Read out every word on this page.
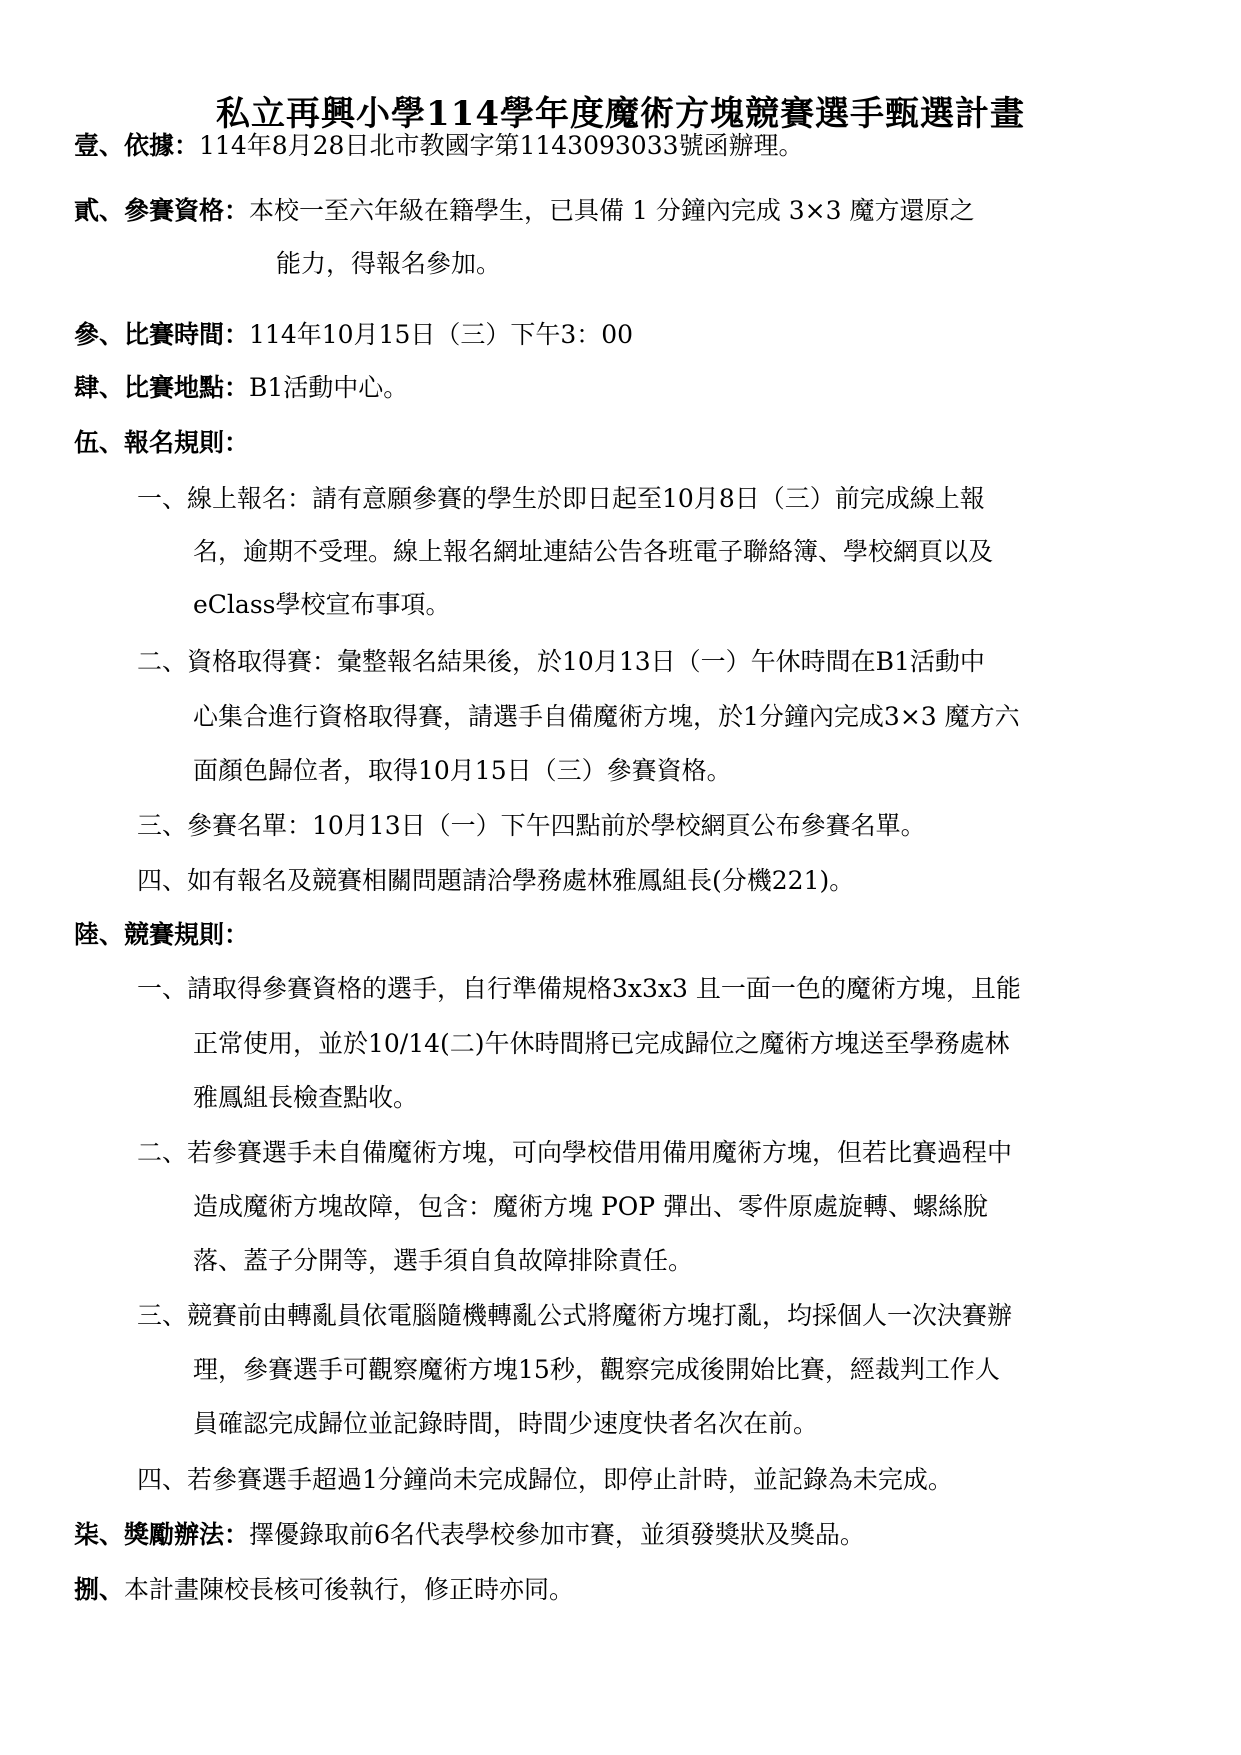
私立再興小學114學年度魔術方塊競賽選手甄選計畫
壹、依據：114年8月28日北市教國字第1143093033號函辦理。
貳、參賽資格：本校一至六年級在籍學生，已具備 1 分鐘內完成 3×3 魔方還原之
能力，得報名參加。
參、比賽時間：114年10月15日（三）下午3：00
肆、比賽地點：B1活動中心。
伍、報名規則：
一、線上報名：請有意願參賽的學生於即日起至10月8日（三）前完成線上報
名，逾期不受理。線上報名網址連結公告各班電子聯絡簿、學校網頁以及
eClass學校宣布事項。
二、資格取得賽：彙整報名結果後，於10月13日（一）午休時間在B1活動中
心集合進行資格取得賽，請選手自備魔術方塊，於1分鐘內完成3×3 魔方六
面顏色歸位者，取得10月15日（三）參賽資格。
三、參賽名單：10月13日（一）下午四點前於學校網頁公布參賽名單。
四、如有報名及競賽相關問題請洽學務處林雅鳳組長(分機221)。
陸、競賽規則：
一、請取得參賽資格的選手，自行準備規格3x3x3 且一面一色的魔術方塊，且能
正常使用，並於10/14(二)午休時間將已完成歸位之魔術方塊送至學務處林
雅鳳組長檢查點收。
二、若參賽選手未自備魔術方塊，可向學校借用備用魔術方塊，但若比賽過程中
造成魔術方塊故障，包含：魔術方塊 POP 彈出、零件原處旋轉、螺絲脫
落、蓋子分開等，選手須自負故障排除責任。
三、競賽前由轉亂員依電腦隨機轉亂公式將魔術方塊打亂，均採個人一次決賽辦
理，參賽選手可觀察魔術方塊15秒，觀察完成後開始比賽，經裁判工作人
員確認完成歸位並記錄時間，時間少速度快者名次在前。
四、若參賽選手超過1分鐘尚未完成歸位，即停止計時，並記錄為未完成。
柒、獎勵辦法：擇優錄取前6名代表學校參加市賽，並須發獎狀及獎品。
捌、本計畫陳校長核可後執行，修正時亦同。
